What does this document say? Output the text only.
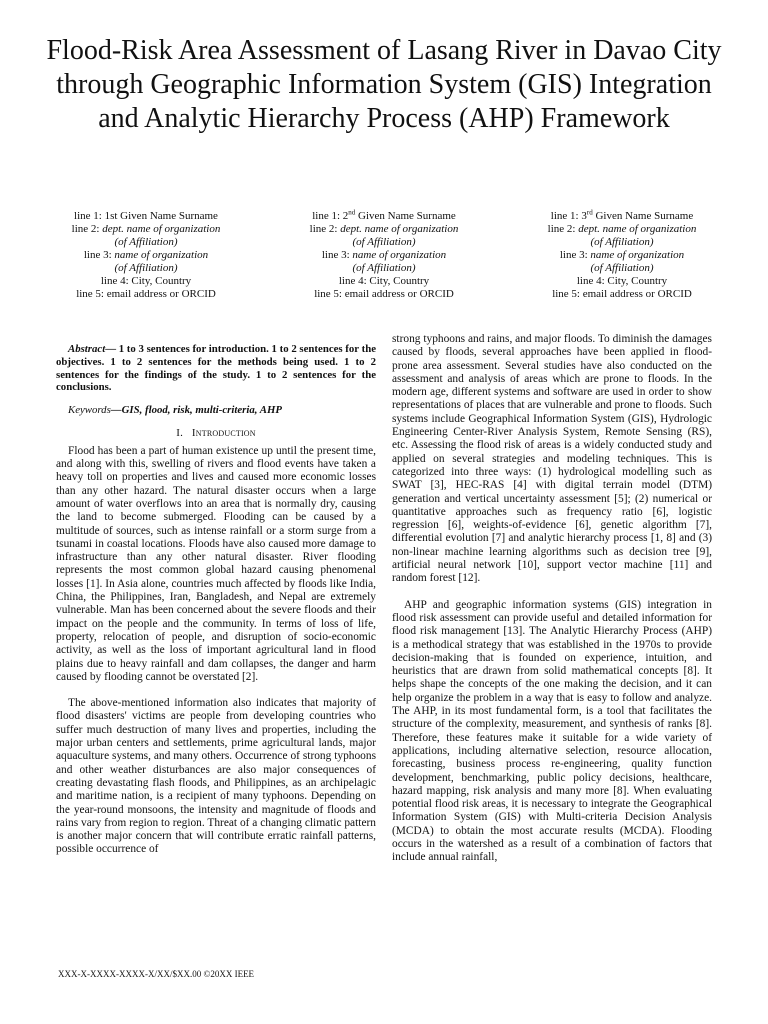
Flood-Risk Area Assessment of Lasang River in Davao City through Geographic Information System (GIS) Integration and Analytic Hierarchy Process (AHP) Framework
line 1: 1st Given Name Surname
line 2: dept. name of organization
(of Affiliation)
line 3: name of organization
(of Affiliation)
line 4: City, Country
line 5: email address or ORCID
line 1: 2nd Given Name Surname
line 2: dept. name of organization
(of Affiliation)
line 3: name of organization
(of Affiliation)
line 4: City, Country
line 5: email address or ORCID
line 1: 3rd Given Name Surname
line 2: dept. name of organization
(of Affiliation)
line 3: name of organization
(of Affiliation)
line 4: City, Country
line 5: email address or ORCID

Abstract— 1 to 3 sentences for introduction. 1 to 2 sentences for the objectives. 1 to 2 sentences for the methods being used. 1 to 2 sentences for the findings of the study. 1 to 2 sentences for the conclusions.

Keywords—GIS, flood, risk, multi-criteria, AHP

I. Introduction

Flood has been a part of human existence up until the present time, and along with this, swelling of rivers and flood events have taken a heavy toll on properties and lives and caused more economic losses than any other hazard. The natural disaster occurs when a large amount of water overflows into an area that is normally dry, causing the land to become submerged. Flooding can be caused by a multitude of sources, such as intense rainfall or a storm surge from a tsunami in coastal locations. Floods have also caused more damage to infrastructure than any other natural disaster. River flooding represents the most common global hazard causing phenomenal losses [1]. In Asia alone, countries much affected by floods like India, China, the Philippines, Iran, Bangladesh, and Nepal are extremely vulnerable. Man has been concerned about the severe floods and their impact on the people and the community. In terms of loss of life, property, relocation of people, and disruption of socio-economic activity, as well as the loss of important agricultural land in flood plains due to heavy rainfall and dam collapses, the danger and harm caused by flooding cannot be overstated [2].

The above-mentioned information also indicates that majority of flood disasters' victims are people from developing countries who suffer much destruction of many lives and properties, including the major urban centers and settlements, prime agricultural lands, major aquaculture systems, and many others. Occurrence of strong typhoons and other weather disturbances are also major consequences of creating devastating flash floods, and Philippines, as an archipelagic and maritime nation, is a recipient of many typhoons. Depending on the year-round monsoons, the intensity and magnitude of floods and rains vary from region to region. Threat of a changing climatic pattern is another major concern that will contribute erratic rainfall patterns, possible occurrence of

strong typhoons and rains, and major floods. To diminish the damages caused by floods, several approaches have been applied in flood-prone area assessment. Several studies have also conducted on the assessment and analysis of areas which are prone to floods. In the modern age, different systems and software are used in order to show representations of places that are vulnerable and prone to floods. Such systems include Geographical Information System (GIS), Hydrologic Engineering Center-River Analysis System, Remote Sensing (RS), etc. Assessing the flood risk of areas is a widely conducted study and applied on several strategies and modeling techniques. This is categorized into three ways: (1) hydrological modelling such as SWAT [3], HEC-RAS [4] with digital terrain model (DTM) generation and vertical uncertainty assessment [5]; (2) numerical or quantitative approaches such as frequency ratio [6], logistic regression [6], weights-of-evidence [6], genetic algorithm [7], differential evolution [7] and analytic hierarchy process [1, 8] and (3) non-linear machine learning algorithms such as decision tree [9], artificial neural network [10], support vector machine [11] and random forest [12].

AHP and geographic information systems (GIS) integration in flood risk assessment can provide useful and detailed information for flood risk management [13]. The Analytic Hierarchy Process (AHP) is a methodical strategy that was established in the 1970s to provide decision-making that is founded on experience, intuition, and heuristics that are drawn from solid mathematical concepts [8]. It helps shape the concepts of the one making the decision, and it can help organize the problem in a way that is easy to follow and analyze. The AHP, in its most fundamental form, is a tool that facilitates the structure of the complexity, measurement, and synthesis of ranks [8]. Therefore, these features make it suitable for a wide variety of applications, including alternative selection, resource allocation, forecasting, business process re-engineering, quality function development, benchmarking, public policy decisions, healthcare, hazard mapping, risk analysis and many more [8]. When evaluating potential flood risk areas, it is necessary to integrate the Geographical Information System (GIS) with Multi-criteria Decision Analysis (MCDA) to obtain the most accurate results (MCDA). Flooding occurs in the watershed as a result of a combination of factors that include annual rainfall,

XXX-X-XXXX-XXXX-X/XX/$XX.00 ©20XX IEEE
